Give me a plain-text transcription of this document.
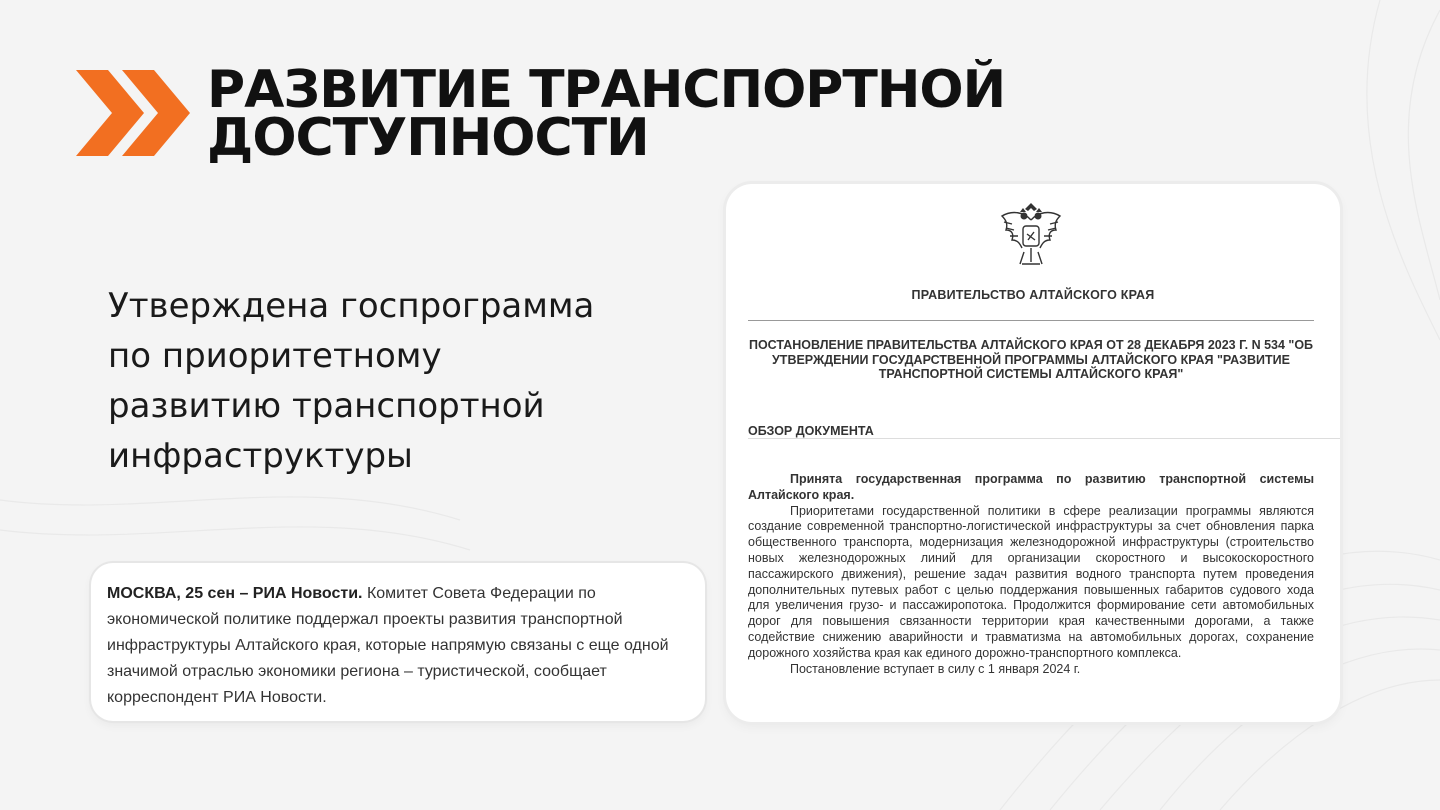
РАЗВИТИЕ ТРАНСПОРТНОЙ
ДОСТУПНОСТИ
Утверждена госпрограмма
по приоритетному
развитию транспортной
инфраструктуры

МОСКВА, 25 сен – РИА Новости. Комитет Совета Федерации по экономической политике поддержал проекты развития транспортной инфраструктуры Алтайского края, которые напрямую связаны с еще одной значимой отраслью экономики региона – туристической, сообщает корреспондент РИА Новости.

ПРАВИТЕЛЬСТВО АЛТАЙСКОГО КРАЯ

ПОСТАНОВЛЕНИЕ ПРАВИТЕЛЬСТВА АЛТАЙСКОГО КРАЯ ОТ 28 ДЕКАБРЯ 2023 Г. N 534 "ОБ УТВЕРЖДЕНИИ ГОСУДАРСТВЕННОЙ ПРОГРАММЫ АЛТАЙСКОГО КРАЯ "РАЗВИТИЕ ТРАНСПОРТНОЙ СИСТЕМЫ АЛТАЙСКОГО КРАЯ"

ОБЗОР ДОКУМЕНТА

Принята государственная программа по развитию транспортной системы Алтайского края.

Приоритетами государственной политики в сфере реализации программы являются создание современной транспортно-логистической инфраструктуры за счет обновления парка общественного транспорта, модернизация железнодорожной инфраструктуры (строительство новых железнодорожных линий для организации скоростного и высокоскоростного пассажирского движения), решение задач развития водного транспорта путем проведения дополнительных путевых работ с целью поддержания повышенных габаритов судового хода для увеличения грузо- и пассажиропотока. Продолжится формирование сети автомобильных дорог для повышения связанности территории края качественными дорогами, а также содействие снижению аварийности и травматизма на автомобильных дорогах, сохранение дорожного хозяйства края как единого дорожно-транспортного комплекса.

Постановление вступает в силу с 1 января 2024 г.
